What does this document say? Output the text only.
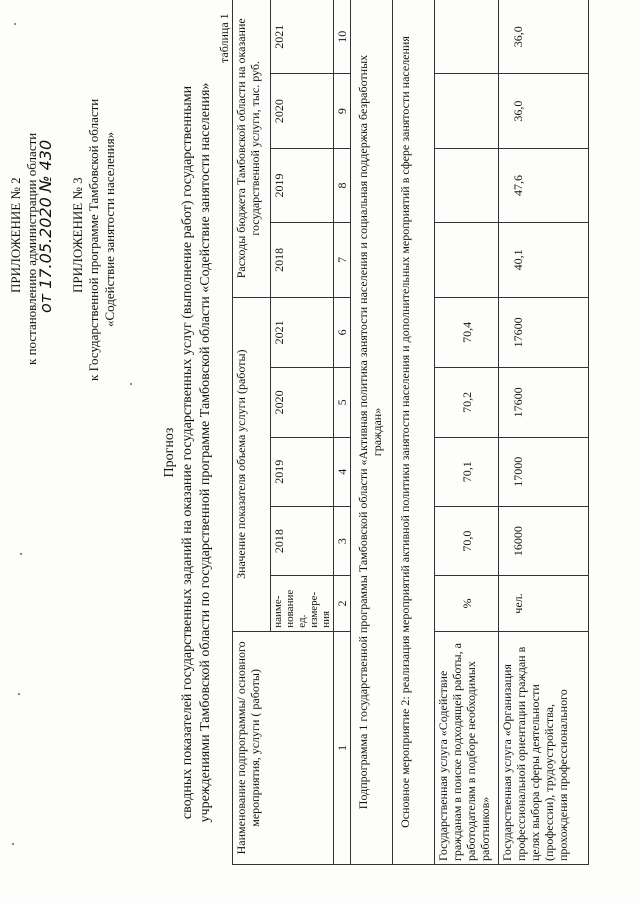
ПРИЛОЖЕНИЕ № 2 к постановлению администрации области
от 17.05.2020 № 430 ПРИЛОЖЕНИЕ № 3 к Государственной программе Тамбовской области «Содействие занятости населения»
Прогноз сводных показателей государственных заданий на оказание государственных услуг (выполнение работ) государственными учреждениями Тамбовской области по государственной программе Тамбовской области «Содействие занятости населения»
таблица 1
Наименование подпрограммы/ основного мероприятия, услуги ( работы)	Значение показателя объема услуги (работы)					Расходы бюджета Тамбовской области на оказание государственной услуги, тыс. руб.			
	наиме-нование ед. измере-ния	2018	2019	2020	2021	2018	2019	2020	2021
1	2	3	4	5	6	7	8	9	10
Подпрограмма 1 государственной программы Тамбовской области «Активная политика занятости населения и социальная поддержка безработных граждан»									
Основное мероприятие 2: реализация мероприятий активной политики занятости населения и дополнительных мероприятий в сфере занятости населения									
Государственная услуга «Содействие гражданам в поиске подходящей работы, а работодателям в подборе необходимых работников»	%	70,0	70,1	70,2	70,4				
Государственная услуга «Организация профессиональной ориентации граждан в целях выбора сферы деятельности (профессии), трудоустройства, прохождения профессионального	чел.	16000	17000	17600	17600	40,1	47,6	36,0	36,0
